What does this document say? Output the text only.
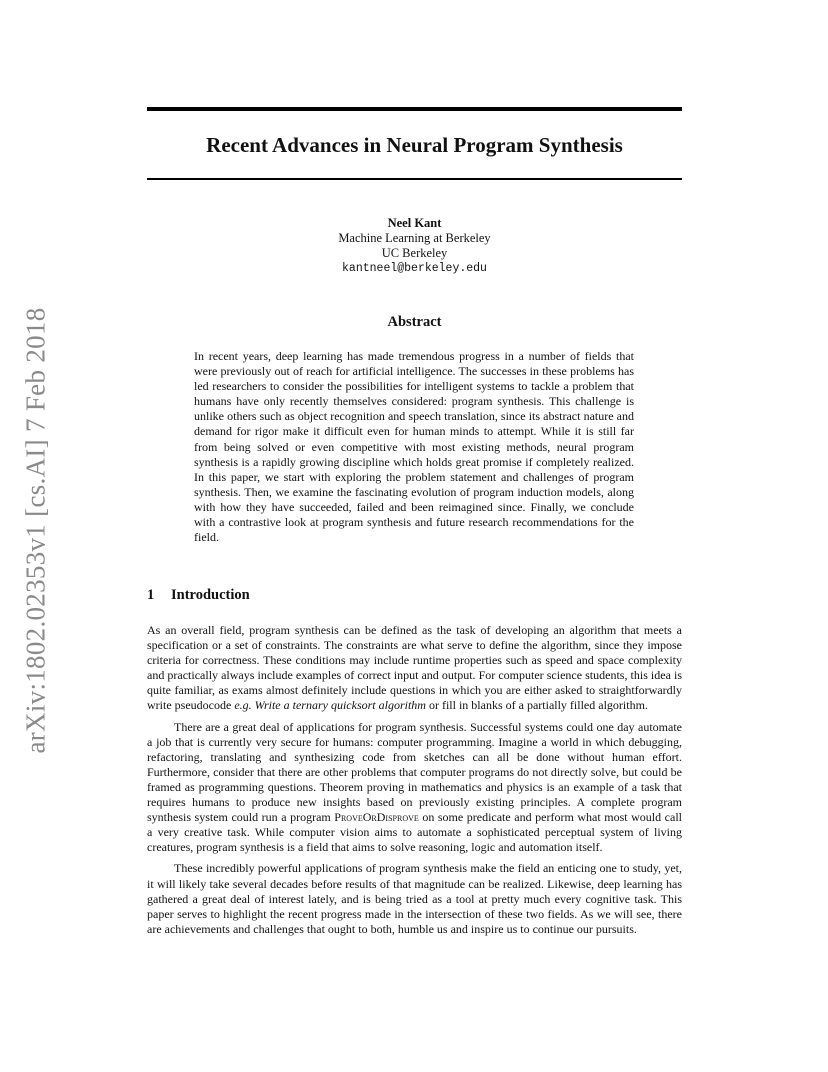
arXiv:1802.02353v1 [cs.AI] 7 Feb 2018
Recent Advances in Neural Program Synthesis
Neel Kant
Machine Learning at Berkeley
UC Berkeley
kantneel@berkeley.edu
Abstract
In recent years, deep learning has made tremendous progress in a number of fields that were previously out of reach for artificial intelligence. The successes in these problems has led researchers to consider the possibilities for intelligent systems to tackle a problem that humans have only recently themselves considered: program synthesis. This challenge is unlike others such as object recognition and speech translation, since its abstract nature and demand for rigor make it difficult even for human minds to attempt. While it is still far from being solved or even competitive with most existing methods, neural program synthesis is a rapidly growing discipline which holds great promise if completely realized. In this paper, we start with exploring the problem statement and challenges of program synthesis. Then, we examine the fascinating evolution of program induction models, along with how they have succeeded, failed and been reimagined since. Finally, we conclude with a contrastive look at program synthesis and future research recommendations for the field.
1 Introduction

As an overall field, program synthesis can be defined as the task of developing an algorithm that meets a specification or a set of constraints. The constraints are what serve to define the algorithm, since they impose criteria for correctness. These conditions may include runtime properties such as speed and space complexity and practically always include examples of correct input and output. For computer science students, this idea is quite familiar, as exams almost definitely include questions in which you are either asked to straightforwardly write pseudocode e.g. Write a ternary quicksort algorithm or fill in blanks of a partially filled algorithm.

There are a great deal of applications for program synthesis. Successful systems could one day automate a job that is currently very secure for humans: computer programming. Imagine a world in which debugging, refactoring, translating and synthesizing code from sketches can all be done without human effort. Furthermore, consider that there are other problems that computer programs do not directly solve, but could be framed as programming questions. Theorem proving in mathematics and physics is an example of a task that requires humans to produce new insights based on previously existing principles. A complete program synthesis system could run a program ProveOrDisprove on some predicate and perform what most would call a very creative task. While computer vision aims to automate a sophisticated perceptual system of living creatures, program synthesis is a field that aims to solve reasoning, logic and automation itself.

These incredibly powerful applications of program synthesis make the field an enticing one to study, yet, it will likely take several decades before results of that magnitude can be realized. Likewise, deep learning has gathered a great deal of interest lately, and is being tried as a tool at pretty much every cognitive task. This paper serves to highlight the recent progress made in the intersection of these two fields. As we will see, there are achievements and challenges that ought to both, humble us and inspire us to continue our pursuits.
